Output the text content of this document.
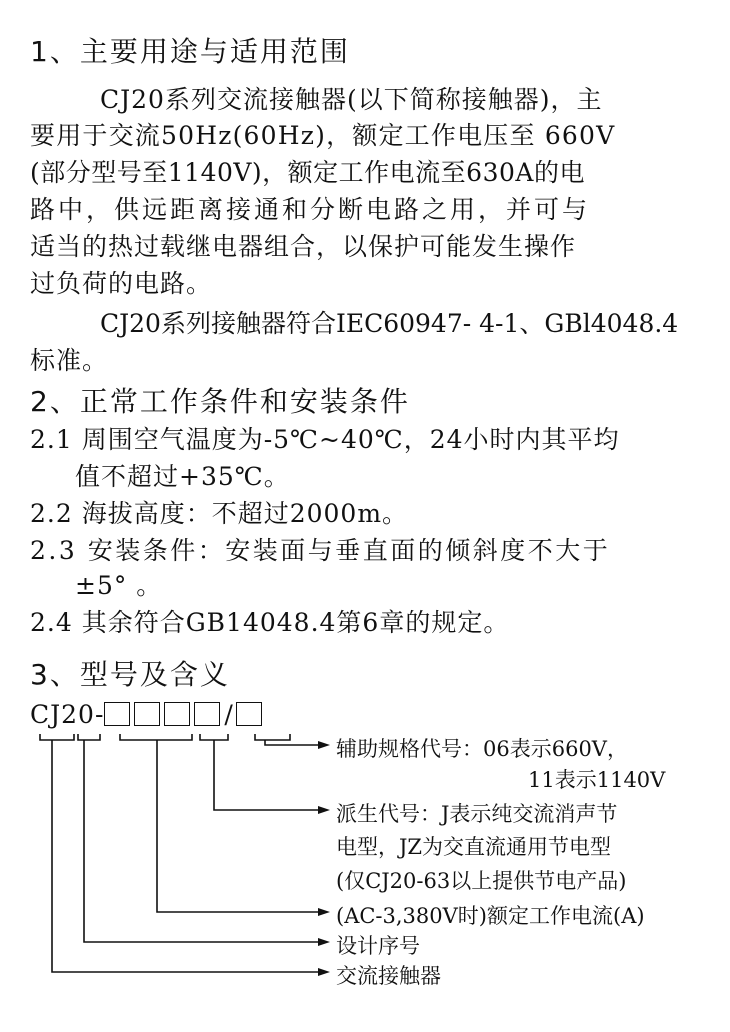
1、主要用途与适用范围
CJ20系列交流接触器(以下简称接触器)，主
要用于交流50Hz(60Hz)，额定工作电压至 660V
(部分型号至1140V)，额定工作电流至630A的电
路中，供远距离接通和分断电路之用，并可与
适当的热过载继电器组合，以保护可能发生操作
过负荷的电路。
CJ20系列接触器符合IEC60947- 4-1、GBl4048.4
标准。
2、正常工作条件和安装条件
2.1 周围空气温度为-5℃~40℃，24小时内其平均
值不超过+35℃。
2.2 海拔高度：不超过2000m。
2.3 安装条件：安装面与垂直面的倾斜度不大于
±5° 。
2.4 其余符合GB14048.4第6章的规定。
3、型号及含义
CJ20-	/
辅助规格代号：06表示660V，
11表示1140V
派生代号：J表示纯交流消声节
电型，JZ为交直流通用节电型
(仅CJ20-63以上提供节电产品)
(AC-3,380V时)额定工作电流(A)
设计序号
交流接触器
